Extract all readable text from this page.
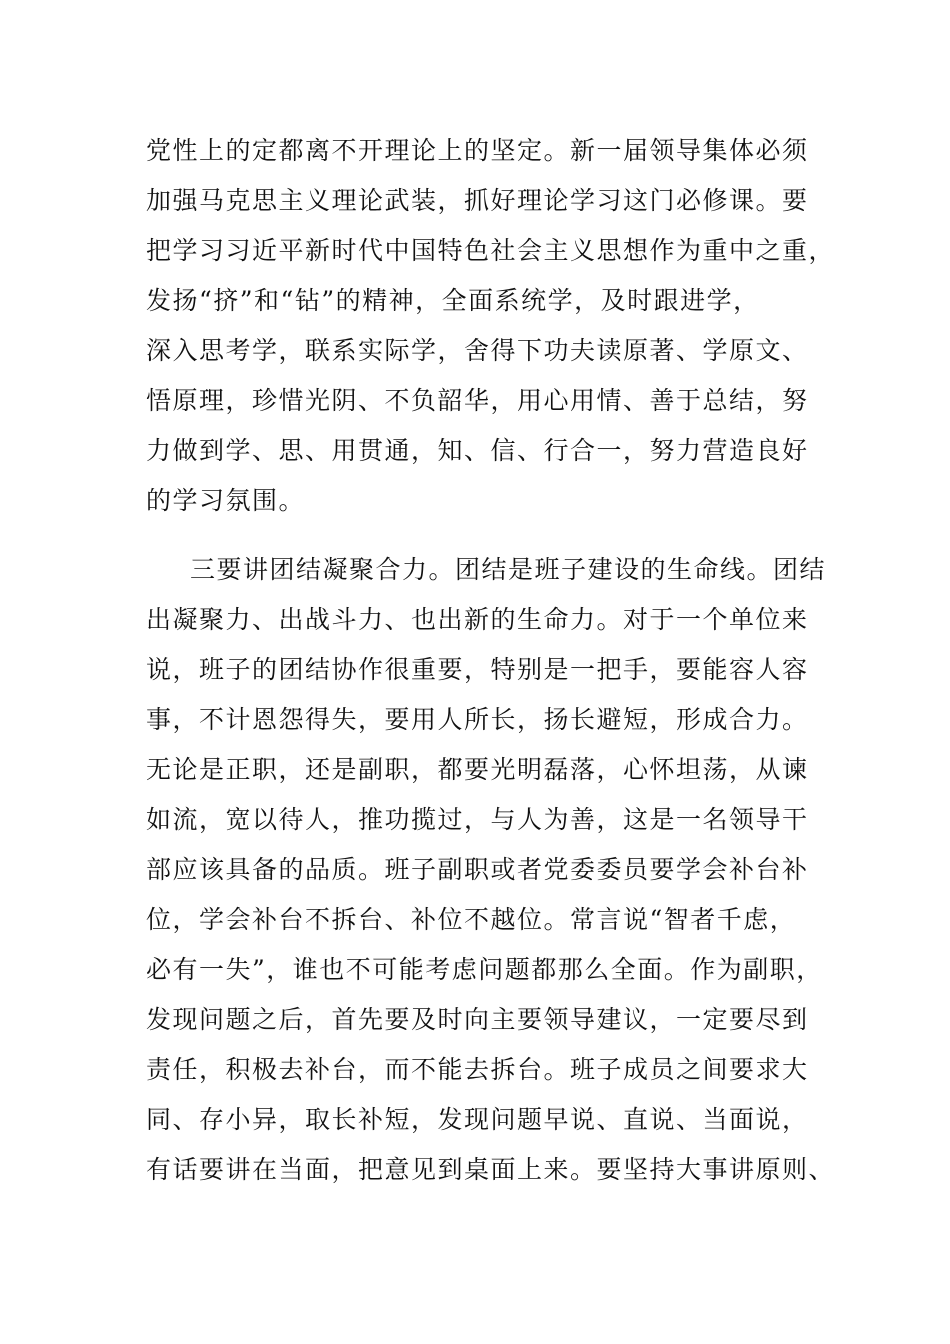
党性上的定都离不开理论上的坚定。新一届领导集体必须
加强马克思主义理论武装，抓好理论学习这门必修课。要
把学习习近平新时代中国特色社会主义思想作为重中之重，
发扬“挤”和“钻”的精神，全面系统学，及时跟进学，
深入思考学，联系实际学，舍得下功夫读原著、学原文、
悟原理，珍惜光阴、不负韶华，用心用情、善于总结，努
力做到学、思、用贯通，知、信、行合一，努力营造良好
的学习氛围。
三要讲团结凝聚合力。团结是班子建设的生命线。团结
出凝聚力、出战斗力、也出新的生命力。对于一个单位来
说，班子的团结协作很重要，特别是一把手，要能容人容
事，不计恩怨得失，要用人所长，扬长避短，形成合力。
无论是正职，还是副职，都要光明磊落，心怀坦荡，从谏
如流，宽以待人，推功揽过，与人为善，这是一名领导干
部应该具备的品质。班子副职或者党委委员要学会补台补
位，学会补台不拆台、补位不越位。常言说“智者千虑，
必有一失”，谁也不可能考虑问题都那么全面。作为副职，
发现问题之后，首先要及时向主要领导建议，一定要尽到
责任，积极去补台，而不能去拆台。班子成员之间要求大
同、存小异，取长补短，发现问题早说、直说、当面说，
有话要讲在当面，把意见到桌面上来。要坚持大事讲原则、
